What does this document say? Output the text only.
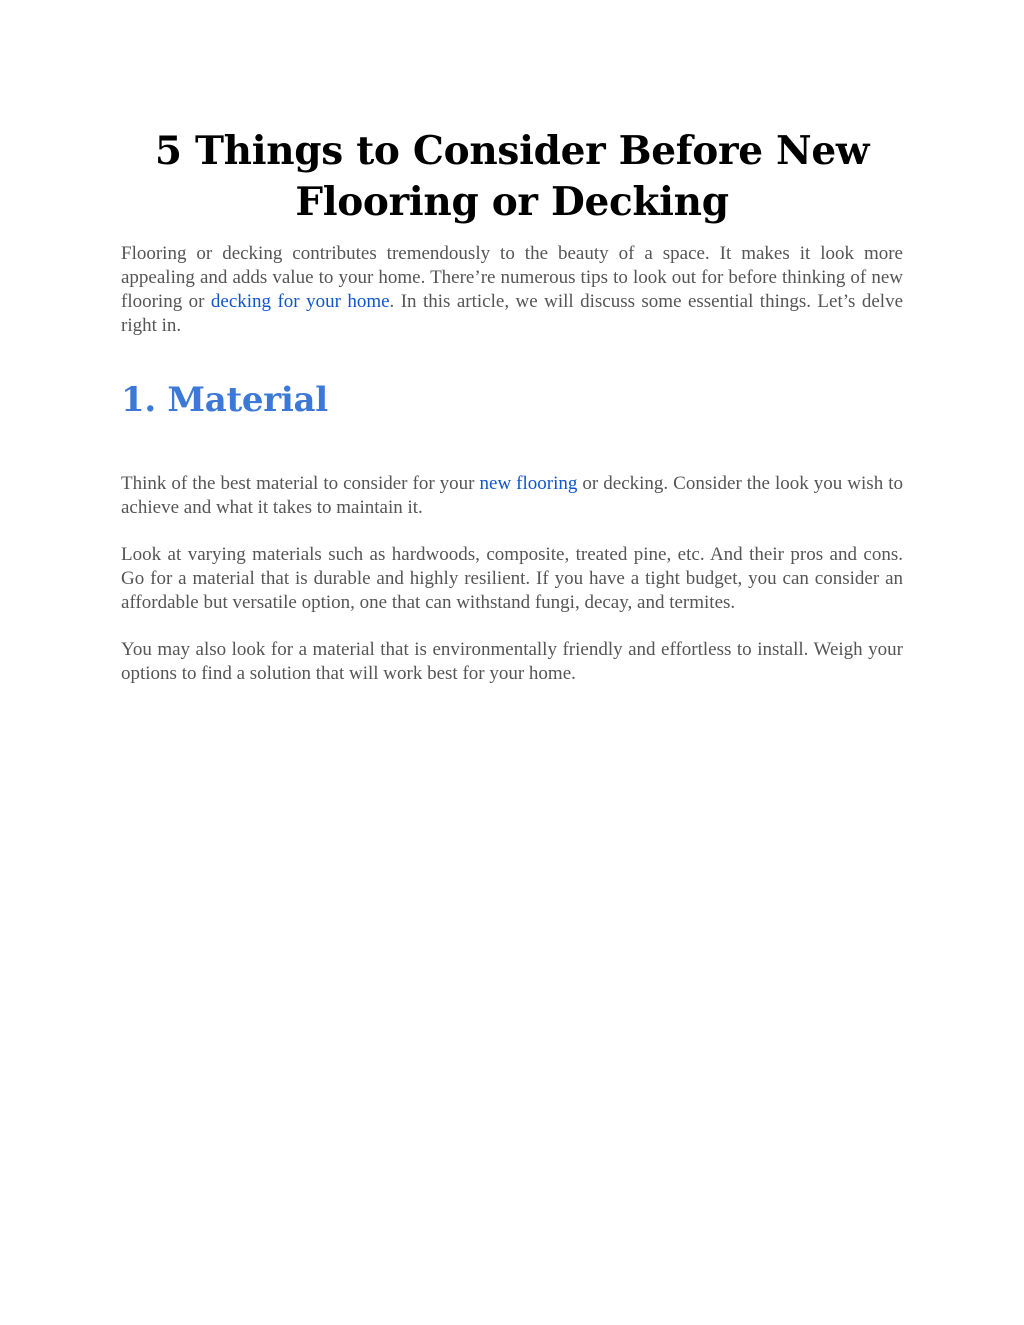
5 Things to Consider Before New Flooring or Decking

Flooring or decking contributes tremendously to the beauty of a space. It makes it look more appealing and adds value to your home. There’re numerous tips to look out for before thinking of new flooring or decking for your home. In this article, we will discuss some essential things. Let’s delve right in.

1. Material

Think of the best material to consider for your new flooring or decking. Consider the look you wish to achieve and what it takes to maintain it.

Look at varying materials such as hardwoods, composite, treated pine, etc. And their pros and cons. Go for a material that is durable and highly resilient. If you have a tight budget, you can consider an affordable but versatile option, one that can withstand fungi, decay, and termites.

You may also look for a material that is environmentally friendly and effortless to install. Weigh your options to find a solution that will work best for your home.
